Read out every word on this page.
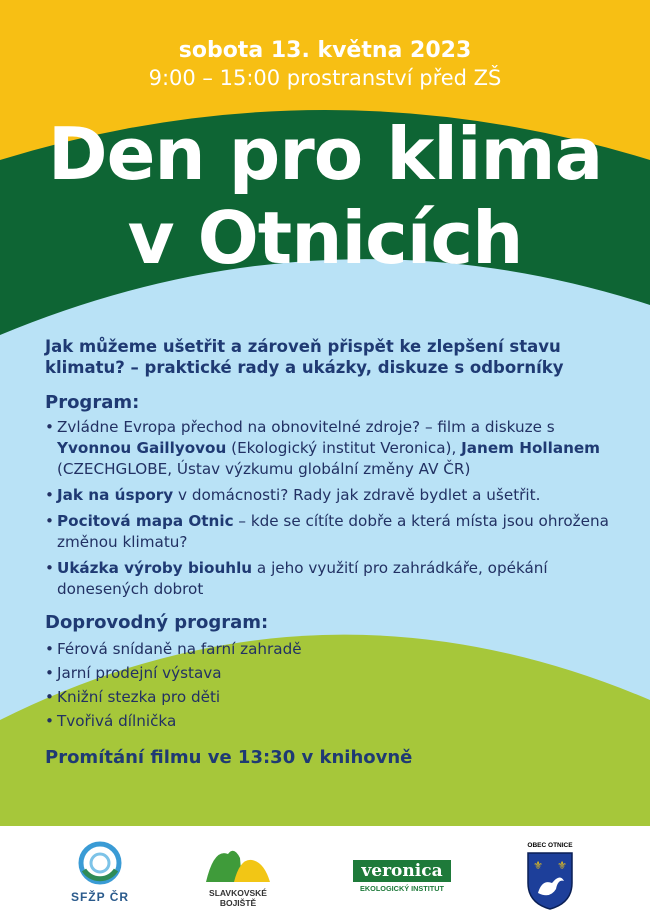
sobota 13. května 2023
9:00 – 15:00 prostranství před ZŠ
Den pro klima
v Otnicích

Jak můžeme ušetřit a zároveň přispět ke zlepšení stavu klimatu? – praktické rady a ukázky, diskuze s odborníky

Program:
• Zvládne Evropa přechod na obnovitelné zdroje? – film a diskuze s Yvonnou Gaillyovou (Ekologický institut Veronica), Janem Hollanem (CZECHGLOBE, Ústav výzkumu globální změny AV ČR)
• Jak na úspory v domácnosti? Rady jak zdravě bydlet a ušetřit.
• Pocitová mapa Otnic – kde se cítíte dobře a která místa jsou ohrožena změnou klimatu?
• Ukázka výroby biouhlu a jeho využití pro zahrádkáře, opékání donesených dobrot
Doprovodný program:
• Férová snídaně na farní zahradě
• Jarní prodejní výstava
• Knižní stezka pro děti
• Tvořivá dílnička
Promítání filmu ve 13:30 v knihovně
SFŽP ČR	SLAVKOVSKÉ
BOJIŠTĚ
veronica
EKOLOGICKÝ INSTITUT
OBEC OTNICE
⚜ ⚜
